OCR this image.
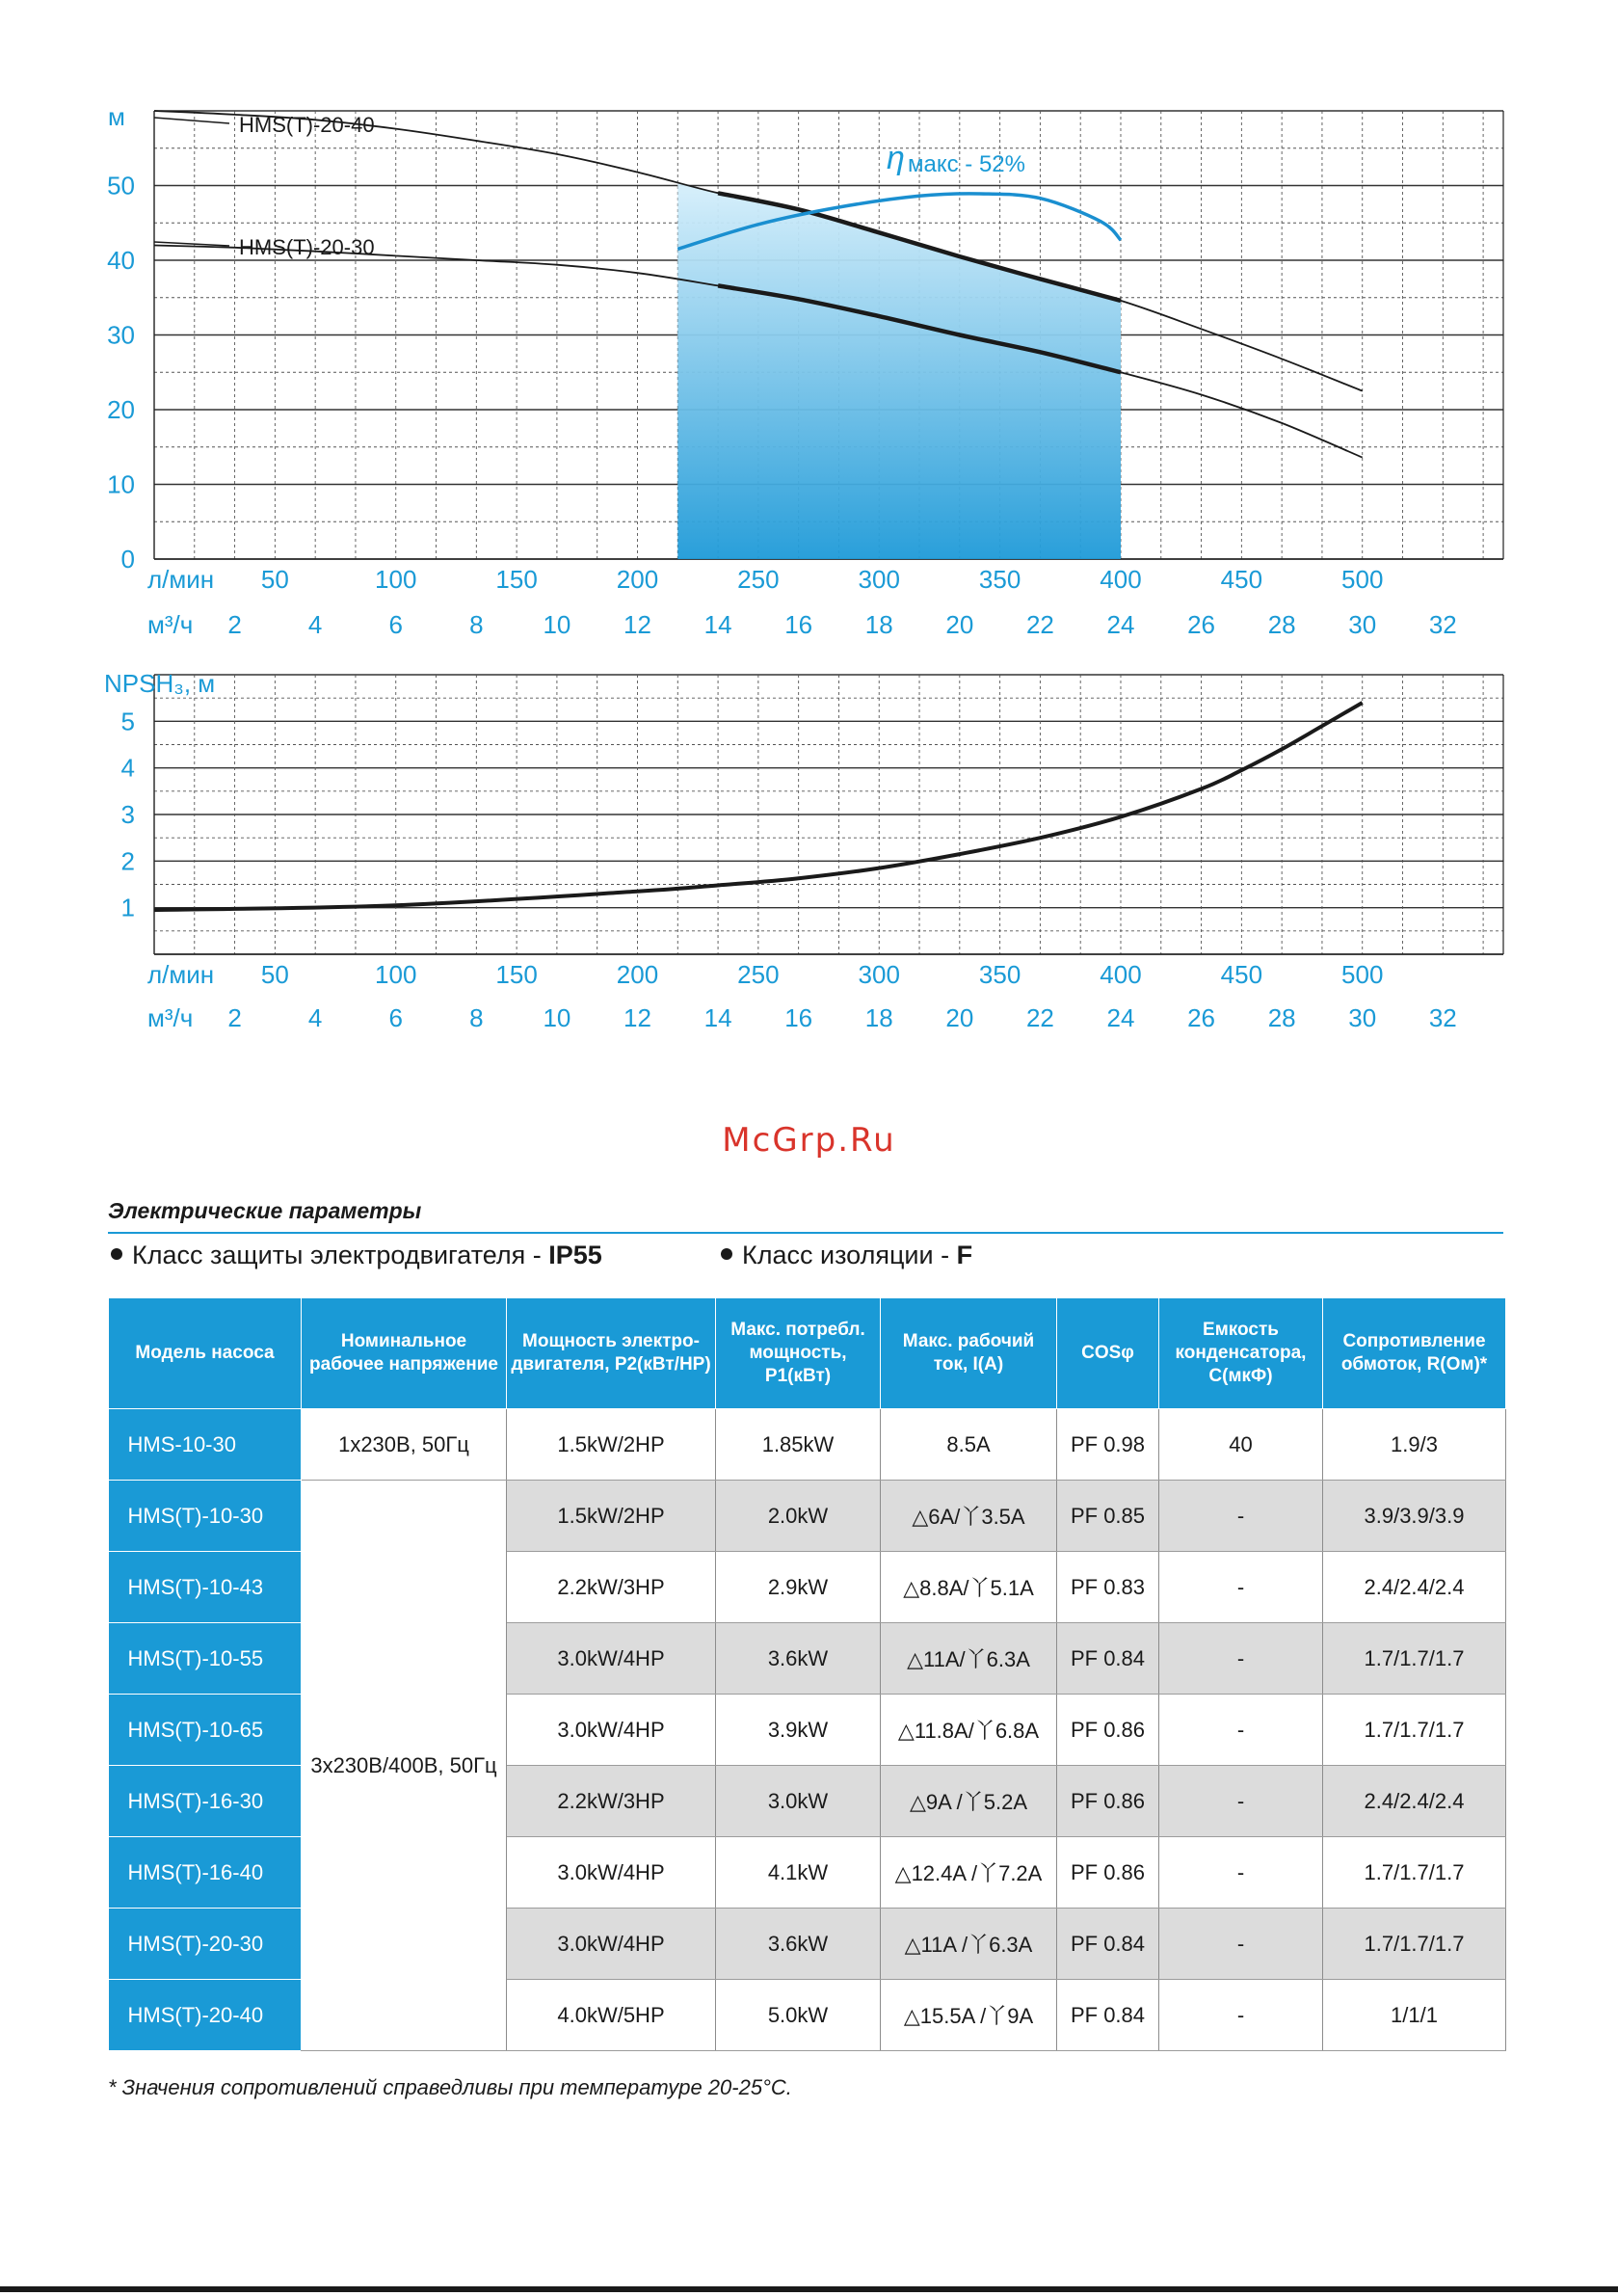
0
10
20
30
40
50
50	100	150	200	250	300	350	400	450	500
2	4	6	8 10 12 14 16 18 20 22 24 26 28 30 32
м
л/мин
м³/ч
HMS(T)-20-40
HMS(T)-20-30
η макс - 52%
1
2
3
4
5
50	100	150	200	250	300	350	400	450	500
2	4	6	8 10 12 14 16 18 20 22 24 26 28 30 32
NPSH₃, м
л/мин
м³/ч
McGrp.Ru
Электрические параметры
Класс защиты электродвигателя - IP55	Класс изоляции - F
Модель насоса	Номинальное рабочее напряжение	Мощность электро-двигателя, P2(кВт/HP)	Макс. потребл. мощность, P1(кВт)	Макс. рабочий ток, I(A)	COSφ	Емкость конденсатора, С(мкФ)	Сопротивление обмоток, R(Ом)*
HMS-10-30	1x230В, 50Гц	1.5kW/2HP	1.85kW	8.5A	PF 0.98	40	1.9/3
HMS(T)-10-30	3x230В/400В, 50Гц	1.5kW/2HP	2.0kW	△6A/丫3.5A	PF 0.85	-	3.9/3.9/3.9
HMS(T)-10-43		2.2kW/3HP	2.9kW	△8.8A/丫5.1A	PF 0.83	-	2.4/2.4/2.4
HMS(T)-10-55		3.0kW/4HP	3.6kW	△11A/丫6.3A	PF 0.84	-	1.7/1.7/1.7
HMS(T)-10-65		3.0kW/4HP	3.9kW	△11.8A/丫6.8A	PF 0.86	-	1.7/1.7/1.7
HMS(T)-16-30		2.2kW/3HP	3.0kW	△9A /丫5.2A	PF 0.86	-	2.4/2.4/2.4
HMS(T)-16-40		3.0kW/4HP	4.1kW	△12.4A /丫7.2A	PF 0.86	-	1.7/1.7/1.7
HMS(T)-20-30		3.0kW/4HP	3.6kW	△11A /丫6.3A	PF 0.84	-	1.7/1.7/1.7
HMS(T)-20-40		4.0kW/5HP	5.0kW	△15.5A /丫9A	PF 0.84	-	1/1/1
* Значения сопротивлений справедливы при температуре 20-25°С.
